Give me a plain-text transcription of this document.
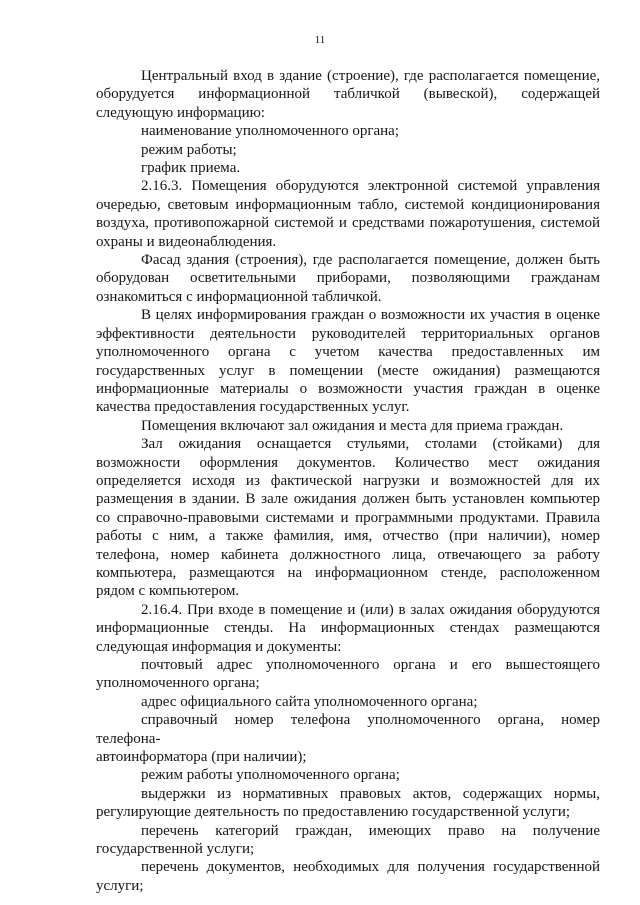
11

Центральный вход в здание (строение), где располагается помещение,

оборудуется информационной табличкой (вывеской), содержащей

следующую информацию:

наименование уполномоченного органа;

режим работы;

график приема.

2.16.3. Помещения оборудуются электронной системой управления

очередью, световым информационным табло, системой кондиционирования

воздуха, противопожарной системой и средствами пожаротушения, системой

охраны и видеонаблюдения.

Фасад здания (строения), где располагается помещение, должен быть

оборудован осветительными приборами, позволяющими гражданам

ознакомиться с информационной табличкой.

В целях информирования граждан о возможности их участия в оценке

эффективности деятельности руководителей территориальных органов

уполномоченного органа с учетом качества предоставленных им

государственных услуг в помещении (месте ожидания) размещаются

информационные материалы о возможности участия граждан в оценке

качества предоставления государственных услуг.

Помещения включают зал ожидания и места для приема граждан.

Зал ожидания оснащается стульями, столами (стойками) для

возможности оформления документов. Количество мест ожидания

определяется исходя из фактической нагрузки и возможностей для их

размещения в здании. В зале ожидания должен быть установлен компьютер

со справочно-правовыми системами и программными продуктами. Правила

работы с ним, а также фамилия, имя, отчество (при наличии), номер

телефона, номер кабинета должностного лица, отвечающего за работу

компьютера, размещаются на информационном стенде, расположенном

рядом с компьютером.

2.16.4. При входе в помещение и (или) в залах ожидания оборудуются

информационные стенды. На информационных стендах размещаются

следующая информация и документы:

почтовый адрес уполномоченного органа и его вышестоящего

уполномоченного органа;

адрес официального сайта уполномоченного органа;

справочный номер телефона уполномоченного органа, номер телефона-

автоинформатора (при наличии);

режим работы уполномоченного органа;

выдержки из нормативных правовых актов, содержащих нормы,

регулирующие деятельность по предоставлению государственной услуги;

перечень категорий граждан, имеющих право на получение

государственной услуги;

перечень документов, необходимых для получения государственной

услуги;
